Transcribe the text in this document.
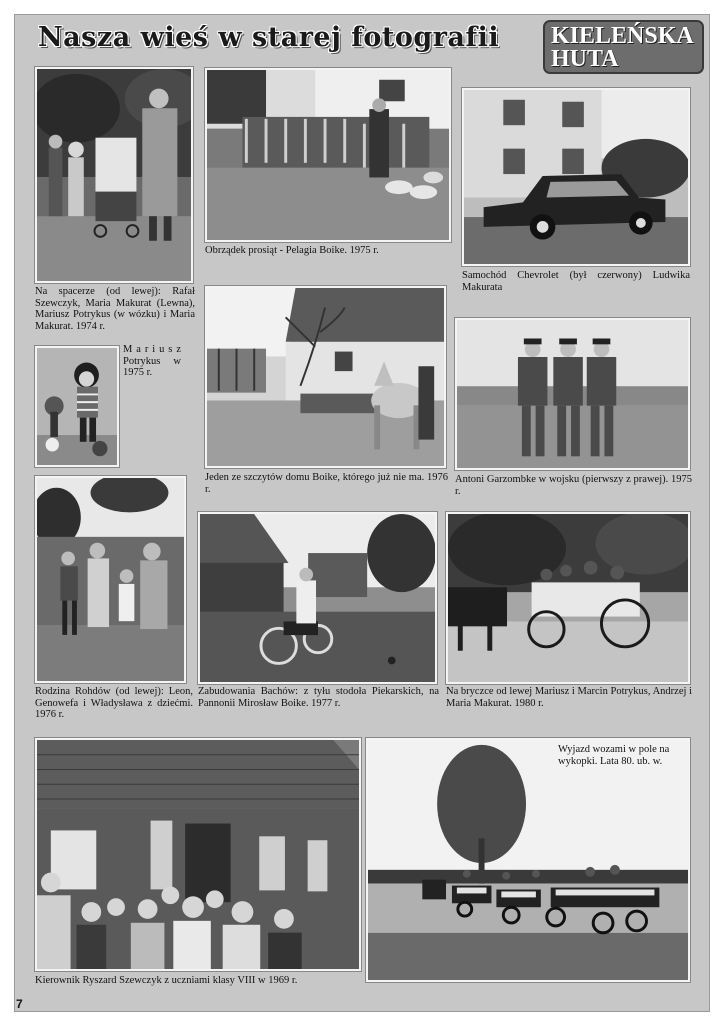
Nasza wieś w starej fotografii KIELEŃSKA
HUTA
Na spacerze (od lewej): Rafał Szewczyk, Maria Makurat (Lewna), Mariusz Potrykus (w wózku) i Maria Makurat. 1974 r.
Obrządek prosiąt - Pelagia Boike. 1975 r.
Samochód Chevrolet (był czerwony) Ludwika Makurata
M a r i u s z Potrykus w 1975 r.
Jeden ze szczytów domu Boike, którego już nie ma. 1976 r.
Antoni Garzombke w wojsku (pierwszy z prawej). 1975 r.
Rodzina Rohdów (od lewej): Leon, Genowefa i Władysława z dziećmi. 1976 r.
Zabudowania Bachów: z tyłu stodoła Piekarskich, na Pannonii Mirosław Boike. 1977 r.
Na bryczce od lewej Mariusz i Marcin Potrykus, Andrzej i Maria Makurat. 1980 r.
Kierownik Ryszard Szewczyk z uczniami klasy VIII w 1969 r.
Wyjazd wozami w pole na wykopki. Lata 80. ub. w.
7
